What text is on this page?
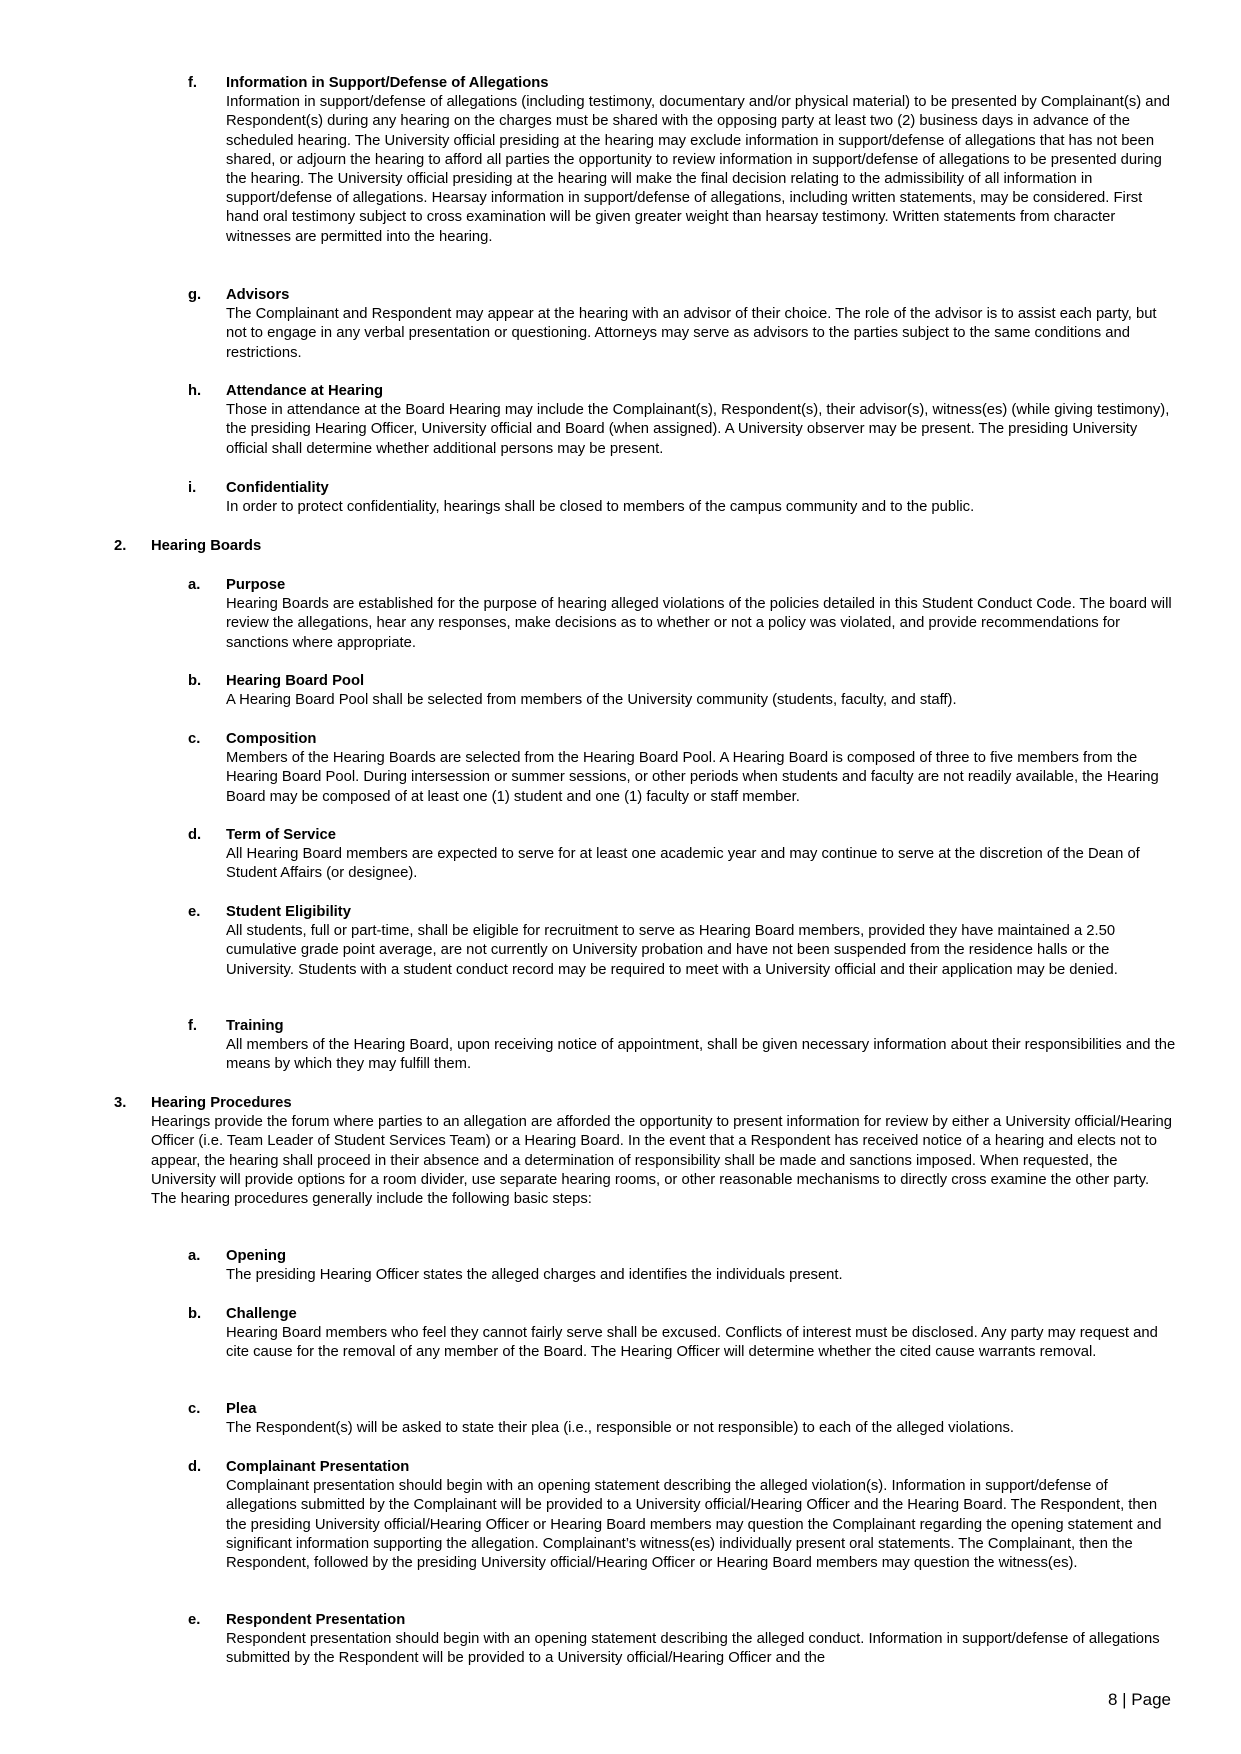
f. Information in Support/Defense of Allegations
Information in support/defense of allegations (including testimony, documentary and/or physical material) to be presented by Complainant(s) and Respondent(s) during any hearing on the charges must be shared with the opposing party at least two (2) business days in advance of the scheduled hearing. The University official presiding at the hearing may exclude information in support/defense of allegations that has not been shared, or adjourn the hearing to afford all parties the opportunity to review information in support/defense of allegations to be presented during the hearing. The University official presiding at the hearing will make the final decision relating to the admissibility of all information in support/defense of allegations. Hearsay information in support/defense of allegations, including written statements, may be considered. First hand oral testimony subject to cross examination will be given greater weight than hearsay testimony. Written statements from character witnesses are permitted into the hearing.
g. Advisors
The Complainant and Respondent may appear at the hearing with an advisor of their choice. The role of the advisor is to assist each party, but not to engage in any verbal presentation or questioning. Attorneys may serve as advisors to the parties subject to the same conditions and restrictions.
h. Attendance at Hearing
Those in attendance at the Board Hearing may include the Complainant(s), Respondent(s), their advisor(s), witness(es) (while giving testimony), the presiding Hearing Officer, University official and Board (when assigned). A University observer may be present. The presiding University official shall determine whether additional persons may be present.
i. Confidentiality
In order to protect confidentiality, hearings shall be closed to members of the campus community and to the public.
2. Hearing Boards
a. Purpose
Hearing Boards are established for the purpose of hearing alleged violations of the policies detailed in this Student Conduct Code. The board will review the allegations, hear any responses, make decisions as to whether or not a policy was violated, and provide recommendations for sanctions where appropriate.
b. Hearing Board Pool
A Hearing Board Pool shall be selected from members of the University community (students, faculty, and staff).
c. Composition
Members of the Hearing Boards are selected from the Hearing Board Pool. A Hearing Board is composed of three to five members from the Hearing Board Pool. During intersession or summer sessions, or other periods when students and faculty are not readily available, the Hearing Board may be composed of at least one (1) student and one (1) faculty or staff member.
d. Term of Service
All Hearing Board members are expected to serve for at least one academic year and may continue to serve at the discretion of the Dean of Student Affairs (or designee).
e. Student Eligibility
All students, full or part-time, shall be eligible for recruitment to serve as Hearing Board members, provided they have maintained a 2.50 cumulative grade point average, are not currently on University probation and have not been suspended from the residence halls or the University. Students with a student conduct record may be required to meet with a University official and their application may be denied.
f. Training
All members of the Hearing Board, upon receiving notice of appointment, shall be given necessary information about their responsibilities and the means by which they may fulfill them.
3. Hearing Procedures
Hearings provide the forum where parties to an allegation are afforded the opportunity to present information for review by either a University official/Hearing Officer (i.e. Team Leader of Student Services Team) or a Hearing Board. In the event that a Respondent has received notice of a hearing and elects not to appear, the hearing shall proceed in their absence and a determination of responsibility shall be made and sanctions imposed. When requested, the University will provide options for a room divider, use separate hearing rooms, or other reasonable mechanisms to directly cross examine the other party. The hearing procedures generally include the following basic steps:
a. Opening
The presiding Hearing Officer states the alleged charges and identifies the individuals present.
b. Challenge
Hearing Board members who feel they cannot fairly serve shall be excused. Conflicts of interest must be disclosed. Any party may request and cite cause for the removal of any member of the Board. The Hearing Officer will determine whether the cited cause warrants removal.
c. Plea
The Respondent(s) will be asked to state their plea (i.e., responsible or not responsible) to each of the alleged violations.
d. Complainant Presentation
Complainant presentation should begin with an opening statement describing the alleged violation(s). Information in support/defense of allegations submitted by the Complainant will be provided to a University official/Hearing Officer and the Hearing Board. The Respondent, then the presiding University official/Hearing Officer or Hearing Board members may question the Complainant regarding the opening statement and significant information supporting the allegation. Complainant’s witness(es) individually present oral statements. The Complainant, then the Respondent, followed by the presiding University official/Hearing Officer or Hearing Board members may question the witness(es).
e. Respondent Presentation
Respondent presentation should begin with an opening statement describing the alleged conduct. Information in support/defense of allegations submitted by the Respondent will be provided to a University official/Hearing Officer and the
8 | Page
